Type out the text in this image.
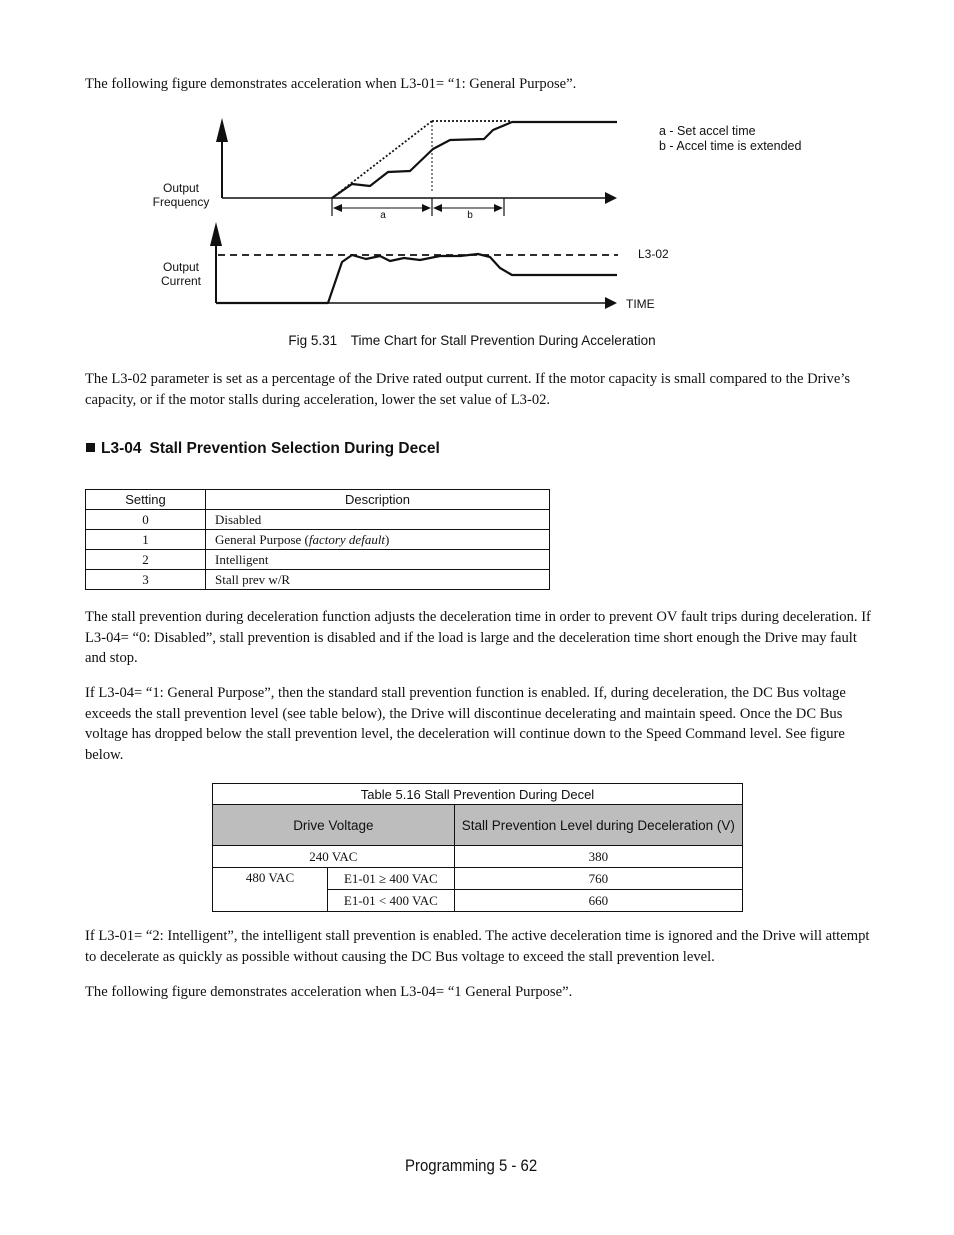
The following figure demonstrates acceleration when L3-01= “1: General Purpose”.

Output
Frequency
a	b
a - Set accel time
b - Accel time is extended
Output
Current
L3-02
TIME
Fig 5.31 Time Chart for Stall Prevention During Acceleration

The L3-02 parameter is set as a percentage of the Drive rated output current. If the motor capacity is small compared to the Drive’s capacity, or if the motor stalls during acceleration, lower the set value of L3-02.

L3-04 Stall Prevention Selection During Decel
Setting	Description
0	Disabled
1	General Purpose (factory default)
2	Intelligent
3	Stall prev w/R

The stall prevention during deceleration function adjusts the deceleration time in order to prevent OV fault trips during deceleration. If L3-04= “0: Disabled”, stall prevention is disabled and if the load is large and the deceleration time short enough the Drive may fault and stop.

If L3-04= “1: General Purpose”, then the standard stall prevention function is enabled. If, during deceleration, the DC Bus voltage exceeds the stall prevention level (see table below), the Drive will discontinue decelerating and maintain speed. Once the DC Bus voltage has dropped below the stall prevention level, the deceleration will continue down to the Speed Command level. See figure below.

Table 5.16 Stall Prevention During Decel		
Drive Voltage		Stall Prevention Level during Deceleration (V)
240 VAC		380
480 VAC	E1-01 ≥ 400 VAC	760
	E1-01 < 400 VAC	660

If L3-01= “2: Intelligent”, the intelligent stall prevention is enabled. The active deceleration time is ignored and the Drive will attempt to decelerate as quickly as possible without causing the DC Bus voltage to exceed the stall prevention level.

The following figure demonstrates acceleration when L3-04= “1 General Purpose”.

Programming 5 - 62
